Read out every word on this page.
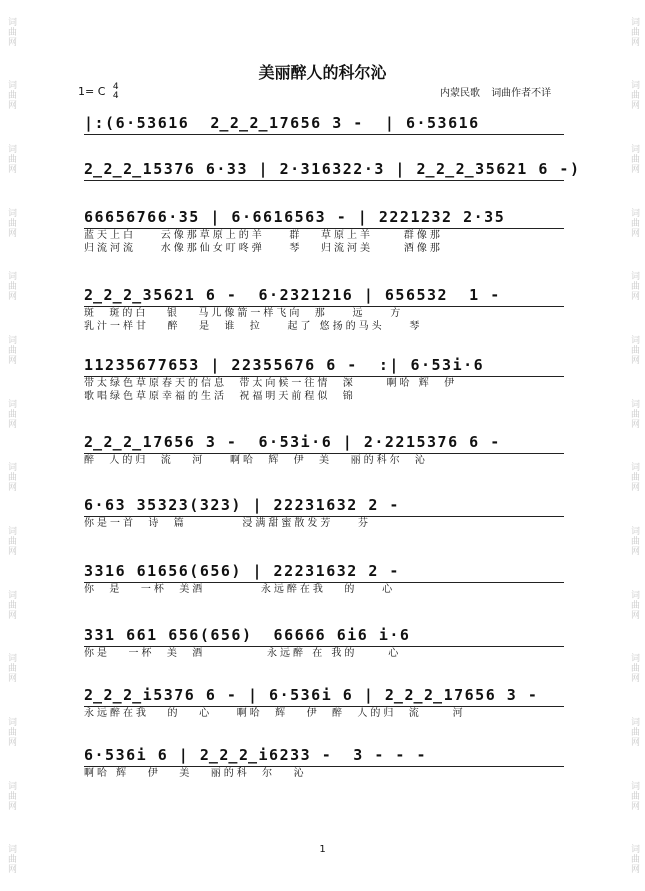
词曲网
词曲网
词曲网
词曲网
词曲网
词曲网
词曲网
词曲网
词曲网
词曲网
词曲网
词曲网
词曲网
词曲网
词曲网
词曲网
词曲网
词曲网
词曲网
词曲网
词曲网
词曲网
词曲网
词曲网
词曲网
词曲网
词曲网
词曲网
美丽醉人的科尔沁
1= C 4
4	内蒙民歌 词曲作者不详
|:(6·53616  2̲2̲2̲17656 3 -  | 6·53616
2̲2̲2̲15376 6·33 | 2·316322·3 | 2̲2̲2̲35621 6 -)
66656766·35 | 6·6616563 - | 2221232 2·35
蓝天上白    云像那草原上的羊    群   草原上羊     群像那
归流河流    水像那仙女叮咚弹    琴   归流河美     酒像那
2̲2̲2̲35621 6 -  6·2321216 | 656532  1 -
斑  斑的白   银   马儿像箭一样飞向  那    远    方
乳汁一样甘   醉   是  谁  拉    起了 悠扬的马头    琴
11235677653 | 22355676 6 -  :| 6·53i·6
带太绿色草原春天的信息  带太向候一往情  深     啊哈 辉  伊
歌唱绿色草原幸福的生活  祝福明天前程似  锦
2̲2̲2̲17656 3 -  6·53i·6 | 2·2215376 6 -
醉  人的归  流   河    啊哈  辉  伊  美   丽的科尔  沁
6·63 35323(323) | 22231632 2 -
你是一首  诗  篇         浸满甜蜜散发芳    芬
3316 61656(656) | 22231632 2 -
你  是   一杯  美酒         永远醉在我   的    心
331 661 656(656)  66666 6i6 i·6
你是   一杯  美  酒          永远醉 在 我的     心
2̲2̲2̲i5376 6 - | 6·536i 6 | 2̲2̲2̲17656 3 -
永远醉在我   的   心    啊哈  辉   伊  醉  人的归  流     河
6·536i 6 | 2̲2̲2̲i6233 -  3 - - -
啊哈 辉   伊   美   丽的科  尔   沁
1
